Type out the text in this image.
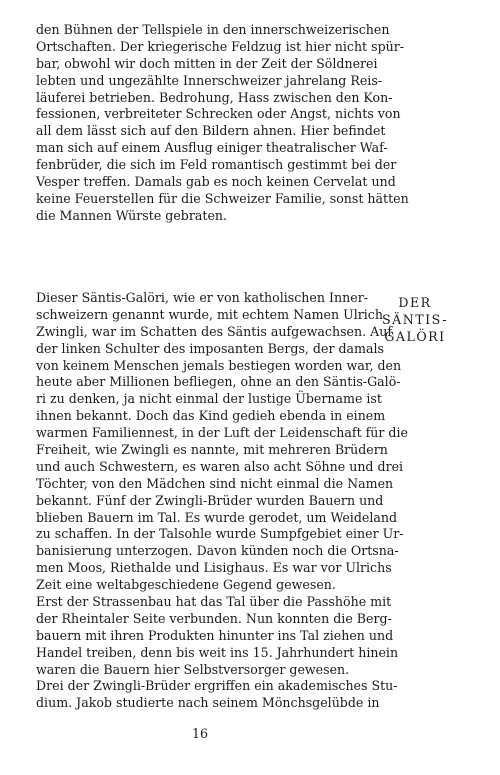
den Bühnen der Tellspiele in den innerschweizerischen
Ortschaften. Der kriegerische Feldzug ist hier nicht spür-
bar, obwohl wir doch mitten in der Zeit der Söldnerei
lebten und ungezählte Innerschweizer jahrelang Reis-
läuferei betrieben. Bedrohung, Hass zwischen den Kon-
fessionen, verbreiteter Schrecken oder Angst, nichts von
all dem lässt sich auf den Bildern ahnen. Hier befindet
man sich auf einem Ausflug einiger theatralischer Waf-
fenbrüder, die sich im Feld romantisch gestimmt bei der
Vesper treffen. Damals gab es noch keinen Cervelat und
keine Feuerstellen für die Schweizer Familie, sonst hätten
die Mannen Würste gebraten.
DER
SÄNTIS-
GALÖRI
Dieser Säntis-Galöri, wie er von katholischen Inner-
schweizern genannt wurde, mit echtem Namen Ulrich
Zwingli, war im Schatten des Säntis aufgewachsen. Auf
der linken Schulter des imposanten Bergs, der damals
von keinem Menschen jemals bestiegen worden war, den
heute aber Millionen befliegen, ohne an den Säntis-Galö-
ri zu denken, ja nicht einmal der lustige Übername ist
ihnen bekannt. Doch das Kind gedieh ebenda in einem
warmen Familiennest, in der Luft der Leidenschaft für die
Freiheit, wie Zwingli es nannte, mit mehreren Brüdern
und auch Schwestern, es waren also acht Söhne und drei
Töchter, von den Mädchen sind nicht einmal die Namen
bekannt. Fünf der Zwingli-Brüder wurden Bauern und
blieben Bauern im Tal. Es wurde gerodet, um Weideland
zu schaffen. In der Talsohle wurde Sumpfgebiet einer Ur-
banisierung unterzogen. Davon künden noch die Ortsna-
men Moos, Riethalde und Lisighaus. Es war vor Ulrichs
Zeit eine weltabgeschiedene Gegend gewesen.
Erst der Strassenbau hat das Tal über die Passhöhe mit
der Rheintaler Seite verbunden. Nun konnten die Berg-
bauern mit ihren Produkten hinunter ins Tal ziehen und
Handel treiben, denn bis weit ins 15. Jahrhundert hinein
waren die Bauern hier Selbstversorger gewesen.
Drei der Zwingli-Brüder ergriffen ein akademisches Stu-
dium. Jakob studierte nach seinem Mönchsgelübde in
16
